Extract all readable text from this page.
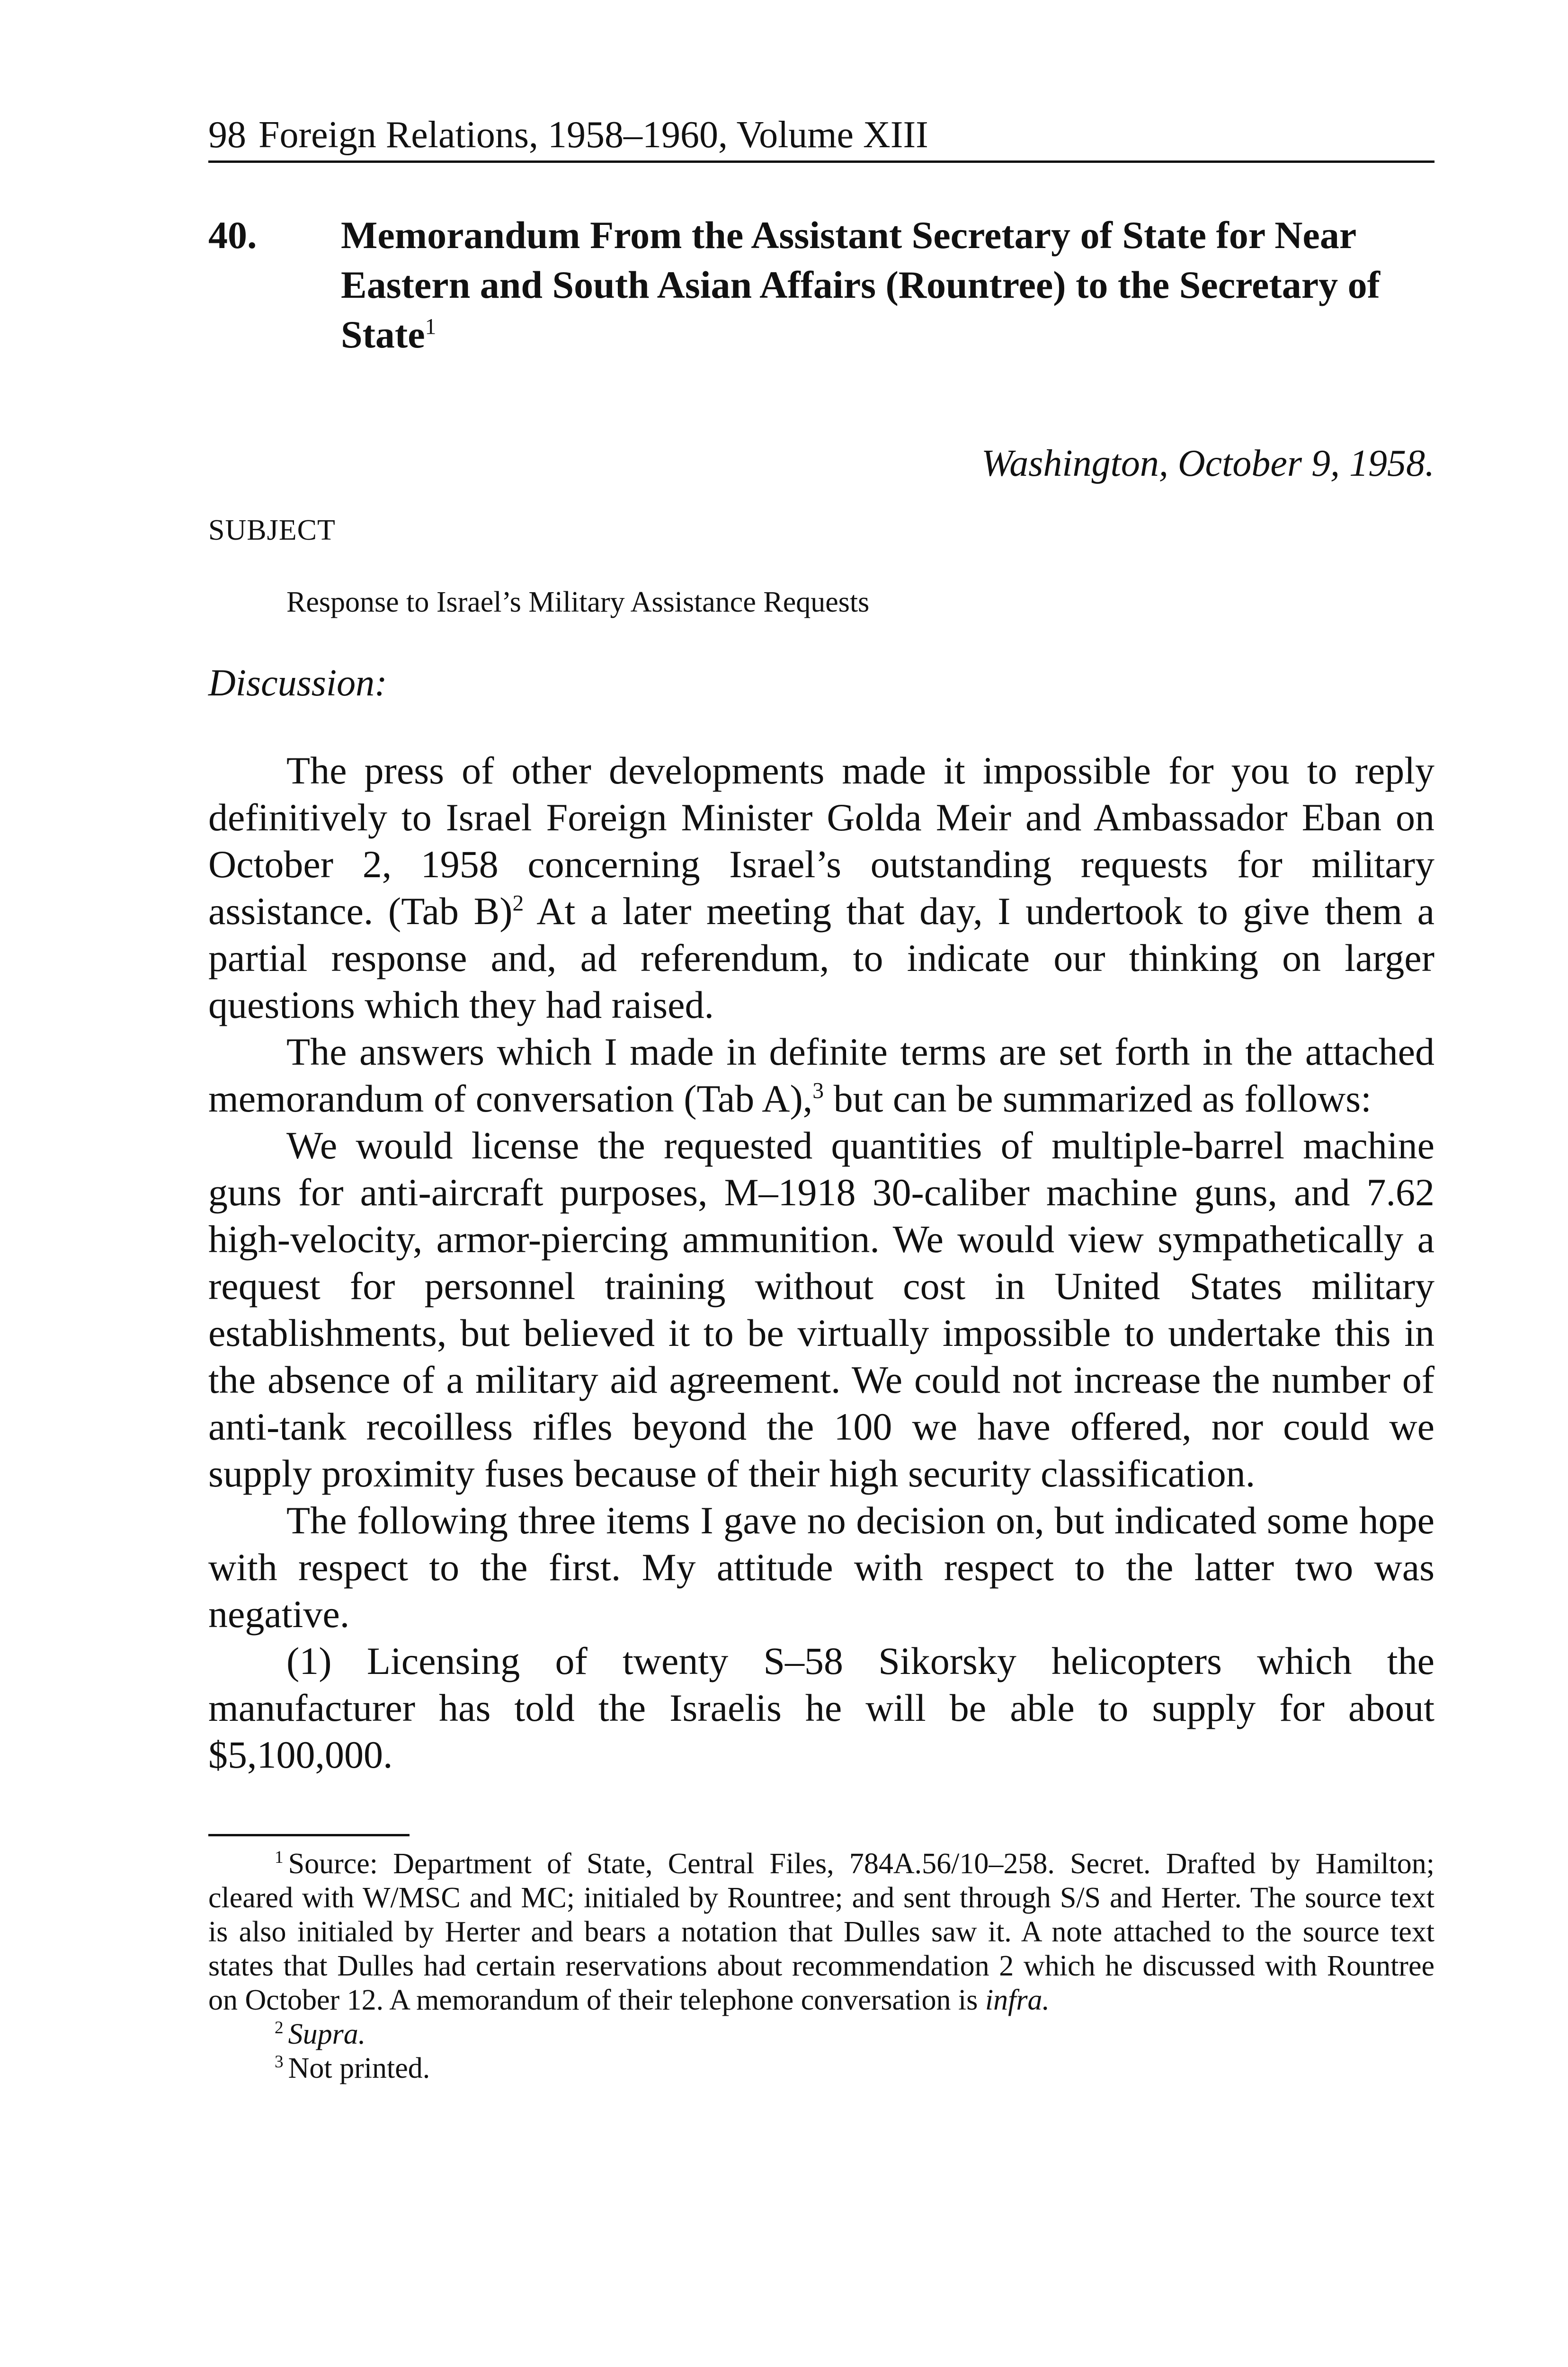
98 Foreign Relations, 1958–1960, Volume XIII
40.	Memorandum From the Assistant Secretary of State for Near Eastern and South Asian Affairs (Rountree) to the Secretary of State$^1$
Washington, October 9, 1958.
SUBJECT
Response to Israel’s Military Assistance Requests
Discussion:

The press of other developments made it impossible for you to reply definitively to Israel Foreign Minister Golda Meir and Ambassador Eban on October 2, 1958 concerning Israel’s outstanding requests for military assistance. (Tab B)$^2$ At a later meeting that day, I undertook to give them a partial response and, ad referendum, to indicate our thinking on larger questions which they had raised.

The answers which I made in definite terms are set forth in the attached memorandum of conversation (Tab A),$^3$ but can be summarized as follows:

We would license the requested quantities of multiple-barrel machine guns for anti-aircraft purposes, M–1918 30-caliber machine guns, and 7.62 high-velocity, armor-piercing ammunition. We would view sympathetically a request for personnel training without cost in United States military establishments, but believed it to be virtually impossible to undertake this in the absence of a military aid agreement. We could not increase the number of anti-tank recoilless rifles beyond the 100 we have offered, nor could we supply proximity fuses because of their high security classification.

The following three items I gave no decision on, but indicated some hope with respect to the first. My attitude with respect to the latter two was negative.

(1) Licensing of twenty S–58 Sikorsky helicopters which the manufacturer has told the Israelis he will be able to supply for about $5,100,000.

$^1$ Source: Department of State, Central Files, 784A.56/10–258. Secret. Drafted by Hamilton; cleared with W/MSC and MC; initialed by Rountree; and sent through S/S and Herter. The source text is also initialed by Herter and bears a notation that Dulles saw it. A note attached to the source text states that Dulles had certain reservations about recommendation 2 which he discussed with Rountree on October 12. A memorandum of their telephone conversation is infra.

$^2$ Supra.

$^3$ Not printed.
